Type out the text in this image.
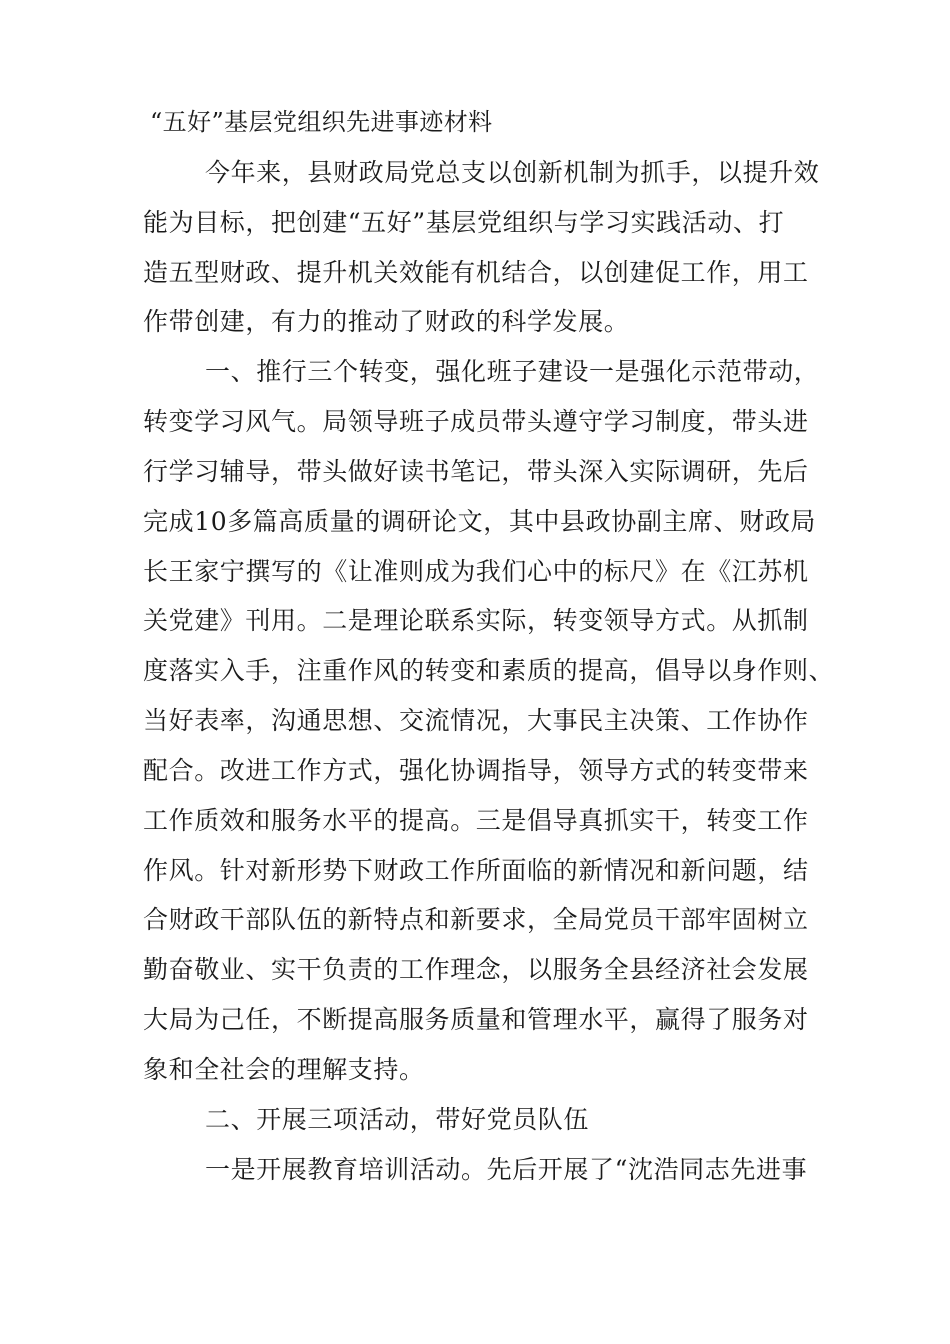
“五好”基层党组织先进事迹材料
今年来，县财政局党总支以创新机制为抓手，以提升效
能为目标，把创建“五好”基层党组织与学习实践活动、打
造五型财政、提升机关效能有机结合，以创建促工作，用工
作带创建，有力的推动了财政的科学发展。
一、推行三个转变，强化班子建设一是强化示范带动，
转变学习风气。局领导班子成员带头遵守学习制度，带头进
行学习辅导，带头做好读书笔记，带头深入实际调研，先后
完成10多篇高质量的调研论文，其中县政协副主席、财政局
长王家宁撰写的《让准则成为我们心中的标尺》在《江苏机
关党建》刊用。二是理论联系实际，转变领导方式。从抓制
度落实入手，注重作风的转变和素质的提高，倡导以身作则、
当好表率，沟通思想、交流情况，大事民主决策、工作协作
配合。改进工作方式，强化协调指导，领导方式的转变带来
工作质效和服务水平的提高。三是倡导真抓实干，转变工作
作风。针对新形势下财政工作所面临的新情况和新问题，结
合财政干部队伍的新特点和新要求，全局党员干部牢固树立
勤奋敬业、实干负责的工作理念，以服务全县经济社会发展
大局为己任，不断提高服务质量和管理水平，赢得了服务对
象和全社会的理解支持。
二、开展三项活动，带好党员队伍
一是开展教育培训活动。先后开展了“沈浩同志先进事
